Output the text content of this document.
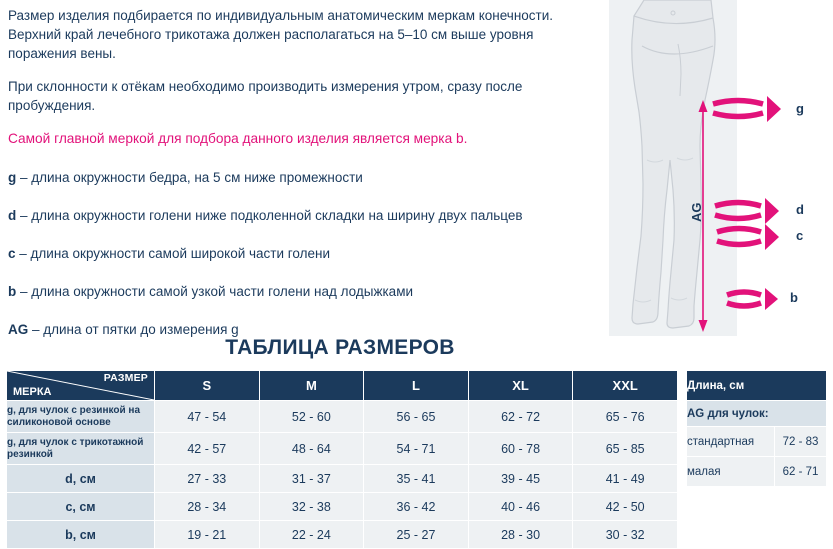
Размер изделия подбирается по индивидуальным анатомическим меркам конечности. Верхний край лечебного трикотажа должен располагаться на 5–10 см выше уровня поражения вены.

При склонности к отёкам необходимо производить измерения утром, сразу после пробуждения.

Самой главной меркой для подбора данного изделия является мерка b.

g – длина окружности бедра, на 5 см ниже промежности

d – длина окружности голени ниже подколенной складки на ширину двух пальцев

c – длина окружности самой широкой части голени

b – длина окружности самой узкой части голени над лодыжками

AG – длина от пятки до измерения g

g
d
c
b
AG
ТАБЛИЦА РАЗМЕРОВ
РАЗМЕР
МЕРКА	S	M	L	XL	XXL
g, для чулок с резинкой на силиконовой основе	47 - 54	52 - 60	56 - 65	62 - 72	65 - 76
g, для чулок с трикотажной резинкой	42 - 57	48 - 64	54 - 71	60 - 78	65 - 85
d, см	27 - 33	31 - 37	35 - 41	39 - 45	41 - 49
c, см	28 - 34	32 - 38	36 - 42	40 - 46	42 - 50
b, см	19 - 21	22 - 24	25 - 27	28 - 30	30 - 32
Длина, см	
AG для чулок:	
стандартная	72 - 83
малая	62 - 71
